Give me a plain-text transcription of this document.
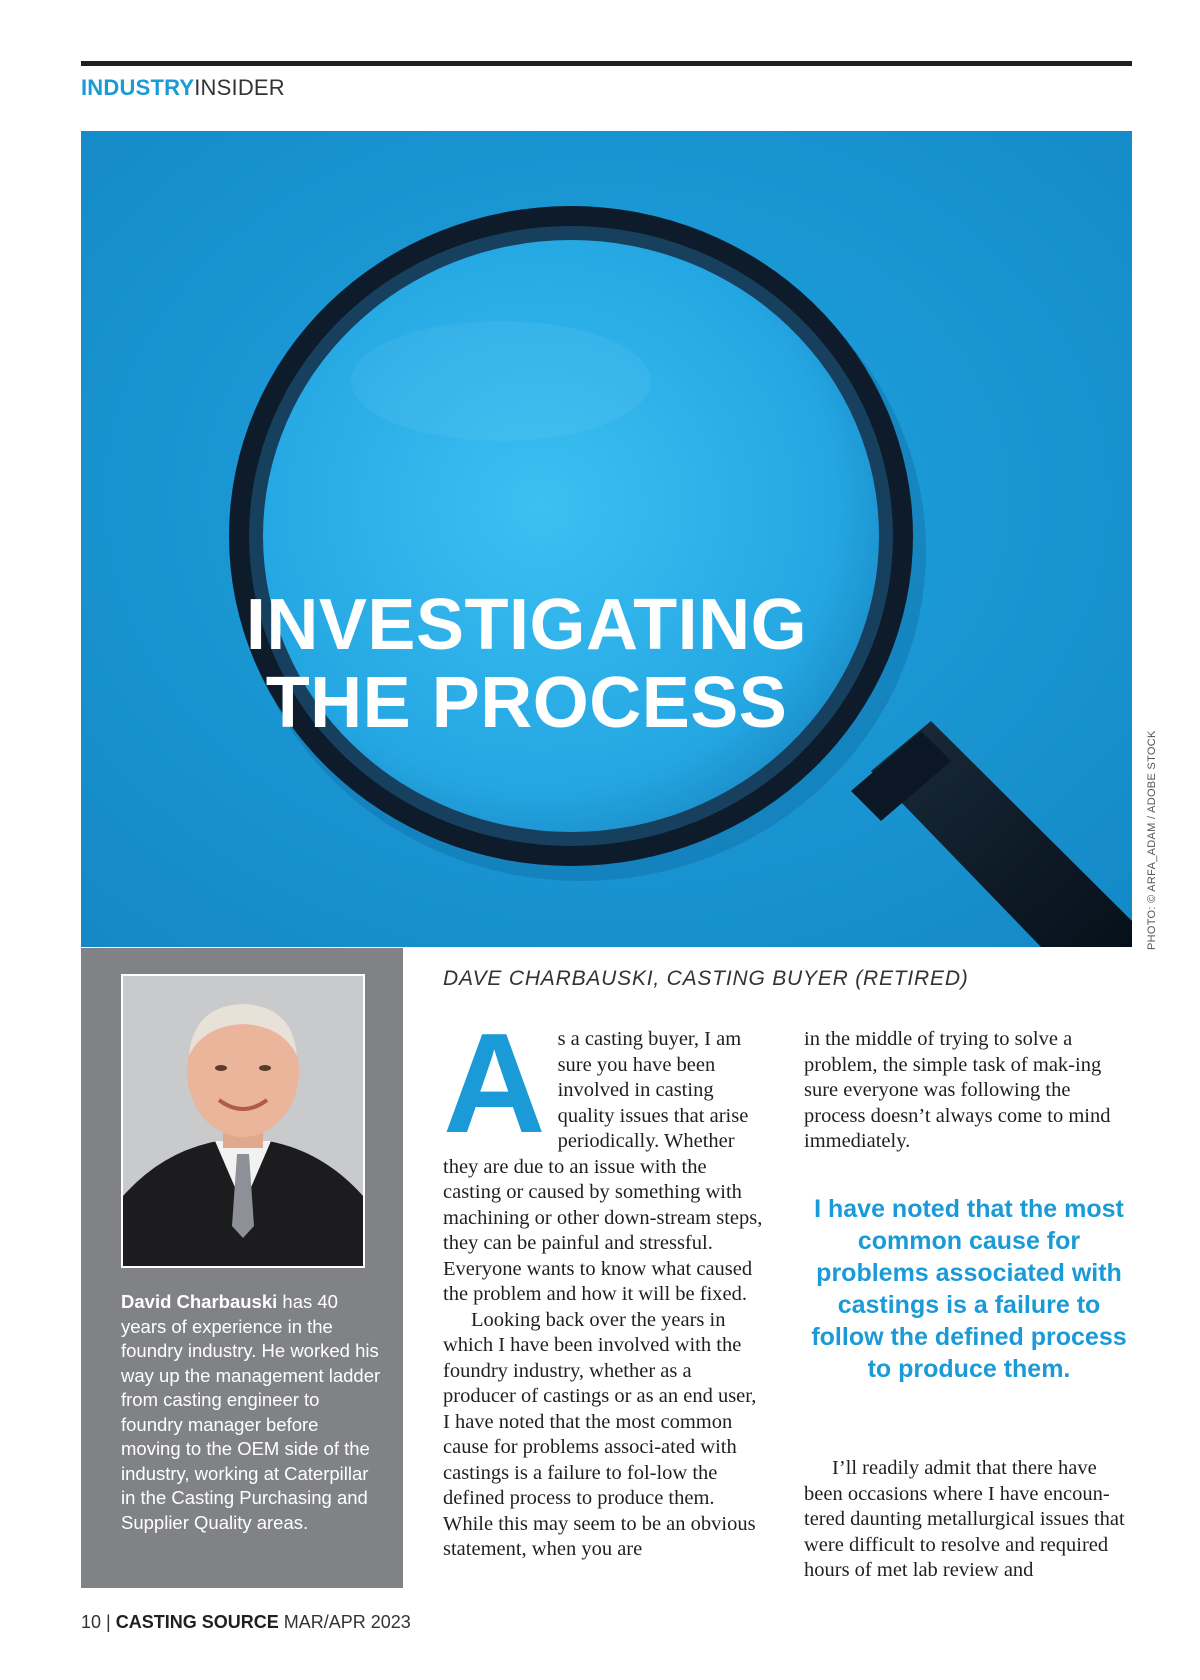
INDUSTRYINSIDER
INVESTIGATING
THE PROCESS
PHOTO: © ARFA_ADAM / ADOBE STOCK
David Charbauski has 40 years of experience in the foundry industry. He worked his way up the management ladder from casting engineer to foundry manager before moving to the OEM side of the industry, working at Caterpillar in the Casting Purchasing and Supplier Quality areas.
DAVE CHARBAUSKI, CASTING BUYER (RETIRED)
A s a casting buyer, I am sure you have been involved in casting quality issues that arise periodically. Whether they are due to an issue with the casting or caused by something with machining or other down-stream steps, they can be painful and stressful. Everyone wants to know what caused the problem and how it will be fixed.

Looking back over the years in which I have been involved with the foundry industry, whether as a producer of castings or as an end user, I have noted that the most common cause for problems associ-ated with castings is a failure to fol-low the defined process to produce them. While this may seem to be an obvious statement, when you are

in the middle of trying to solve a problem, the simple task of mak-ing sure everyone was following the process doesn’t always come to mind immediately.

I have noted that the most common cause for problems associated with castings is a failure to follow the defined process to produce them.

I’ll readily admit that there have been occasions where I have encoun-tered daunting metallurgical issues that were difficult to resolve and required hours of met lab review and

10 | CASTING SOURCE MAR/APR 2023
